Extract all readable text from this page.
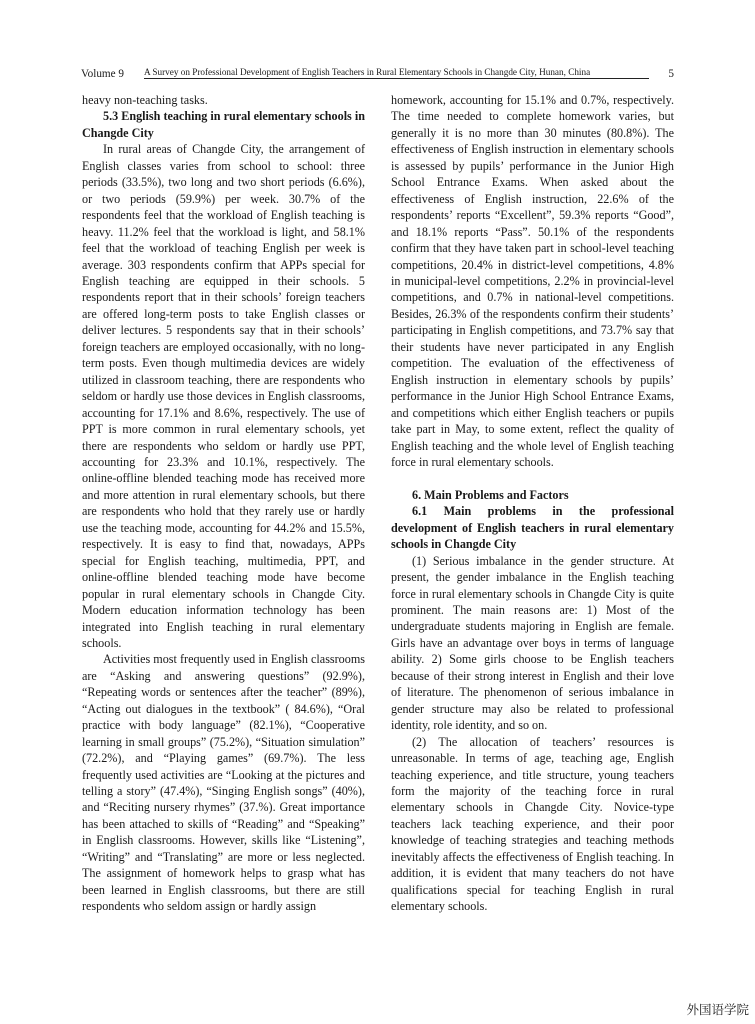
Volume 9 A Survey on Professional Development of English Teachers in Rural Elementary Schools in Changde City, Hunan, China	5

heavy non-teaching tasks.

5.3 English teaching in rural elementary schools in Changde City

In rural areas of Changde City, the arrangement of English classes varies from school to school: three periods (33.5%), two long and two short periods (6.6%), or two periods (59.9%) per week. 30.7% of the respondents feel that the workload of English teaching is heavy. 11.2% feel that the workload is light, and 58.1% feel that the workload of teaching English per week is average. 303 respondents confirm that APPs special for English teaching are equipped in their schools. 5 respondents report that in their schools’ foreign teachers are offered long-term posts to take English classes or deliver lectures. 5 respondents say that in their schools’ foreign teachers are employed occasionally, with no long-term posts. Even though multimedia devices are widely utilized in classroom teaching, there are respondents who seldom or hardly use those devices in English classrooms, accounting for 17.1% and 8.6%, respectively. The use of PPT is more common in rural elementary schools, yet there are respondents who seldom or hardly use PPT, accounting for 23.3% and 10.1%, respectively. The online-offline blended teaching mode has received more and more attention in rural elementary schools, but there are respondents who hold that they rarely use or hardly use the teaching mode, accounting for 44.2% and 15.5%, respectively. It is easy to find that, nowadays, APPs special for English teaching, multimedia, PPT, and online-offline blended teaching mode have become popular in rural elementary schools in Changde City. Modern education information technology has been integrated into English teaching in rural elementary schools.

Activities most frequently used in English classrooms are “Asking and answering questions” (92.9%), “Repeating words or sentences after the teacher” (89%), “Acting out dialogues in the textbook” ( 84.6%), “Oral practice with body language” (82.1%), “Cooperative learning in small groups” (75.2%), “Situation simulation” (72.2%), and “Playing games” (69.7%). The less frequently used activities are “Looking at the pictures and telling a story” (47.4%), “Singing English songs” (40%), and “Reciting nursery rhymes” (37.%). Great importance has been attached to skills of “Reading” and “Speaking” in English classrooms. However, skills like “Listening”, “Writing” and “Translating” are more or less neglected. The assignment of homework helps to grasp what has been learned in English classrooms, but there are still respondents who seldom assign or hardly assign

homework, accounting for 15.1% and 0.7%, respectively. The time needed to complete homework varies, but generally it is no more than 30 minutes (80.8%). The effectiveness of English instruction in elementary schools is assessed by pupils’ performance in the Junior High School Entrance Exams. When asked about the effectiveness of English instruction, 22.6% of the respondents’ reports “Excellent”, 59.3% reports “Good”, and 18.1% reports “Pass”. 50.1% of the respondents confirm that they have taken part in school-level teaching competitions, 20.4% in district-level competitions, 4.8% in municipal-level competitions, 2.2% in provincial-level competitions, and 0.7% in national-level competitions. Besides, 26.3% of the respondents confirm their students’ participating in English competitions, and 73.7% say that their students have never participated in any English competition. The evaluation of the effectiveness of English instruction in elementary schools by pupils’ performance in the Junior High School Entrance Exams, and competitions which either English teachers or pupils take part in May, to some extent, reflect the quality of English teaching and the whole level of English teaching force in rural elementary schools.

6. Main Problems and Factors
6.1 Main problems in the professional development of English teachers in rural elementary schools in Changde City

(1) Serious imbalance in the gender structure. At present, the gender imbalance in the English teaching force in rural elementary schools in Changde City is quite prominent. The main reasons are: 1) Most of the undergraduate students majoring in English are female. Girls have an advantage over boys in terms of language ability. 2) Some girls choose to be English teachers because of their strong interest in English and their love of literature. The phenomenon of serious imbalance in gender structure may also be related to professional identity, role identity, and so on.

(2) The allocation of teachers’ resources is unreasonable. In terms of age, teaching age, English teaching experience, and title structure, young teachers form the majority of the teaching force in rural elementary schools in Changde City. Novice-type teachers lack teaching experience, and their poor knowledge of teaching strategies and teaching methods inevitably affects the effectiveness of English teaching. In addition, it is evident that many teachers do not have qualifications special for teaching English in rural elementary schools.

外国语学院
